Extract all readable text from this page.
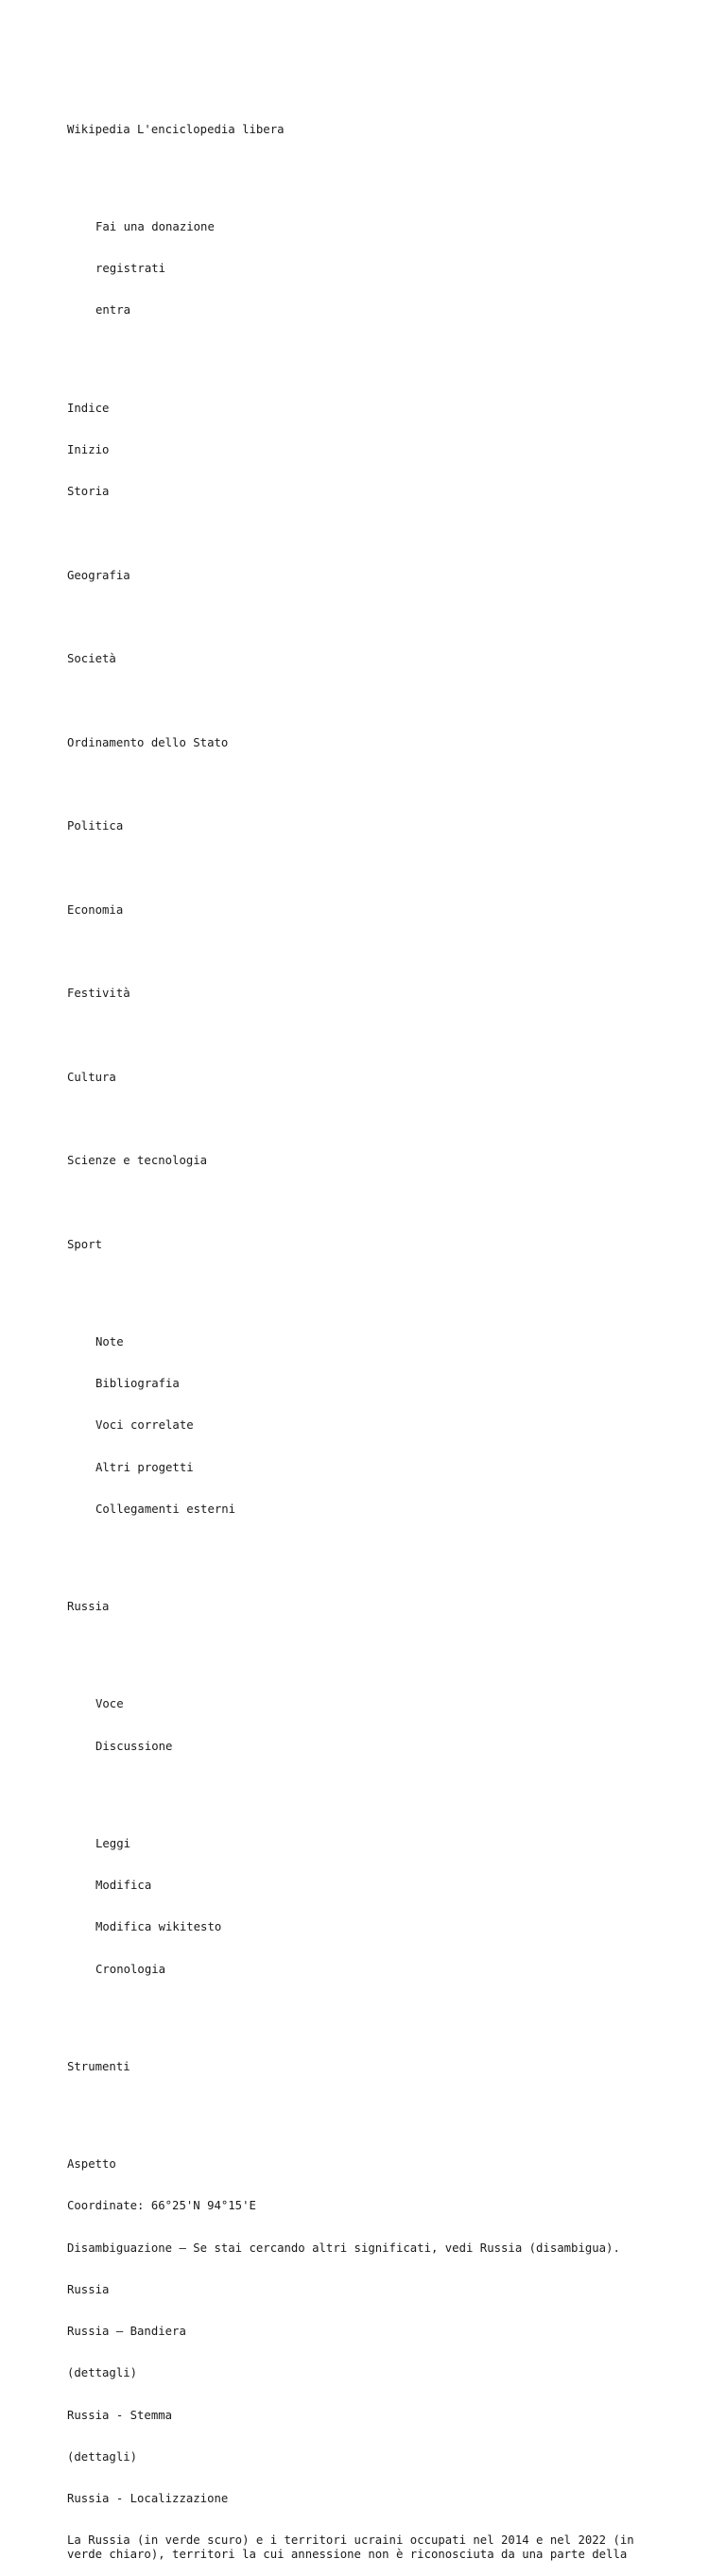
Wikipedia L'enciclopedia libera

Fai una donazione

registrati

entra

Indice

Inizio

Storia

Geografia

Società

Ordinamento dello Stato

Politica

Economia

Festività

Cultura

Scienze e tecnologia

Sport

Note

Bibliografia

Voci correlate

Altri progetti

Collegamenti esterni

Russia

Voce

Discussione

Leggi

Modifica

Modifica wikitesto

Cronologia

Strumenti

Aspetto

Coordinate: 66°25'N 94°15'E

Disambiguazione – Se stai cercando altri significati, vedi Russia (disambigua).

Russia

Russia – Bandiera

(dettagli)

Russia - Stemma

(dettagli)

Russia - Localizzazione

La Russia (in verde scuro) e i territori ucraini occupati nel 2014 e nel 2022 (in verde chiaro), territori la cui annessione non è riconosciuta da una parte della
